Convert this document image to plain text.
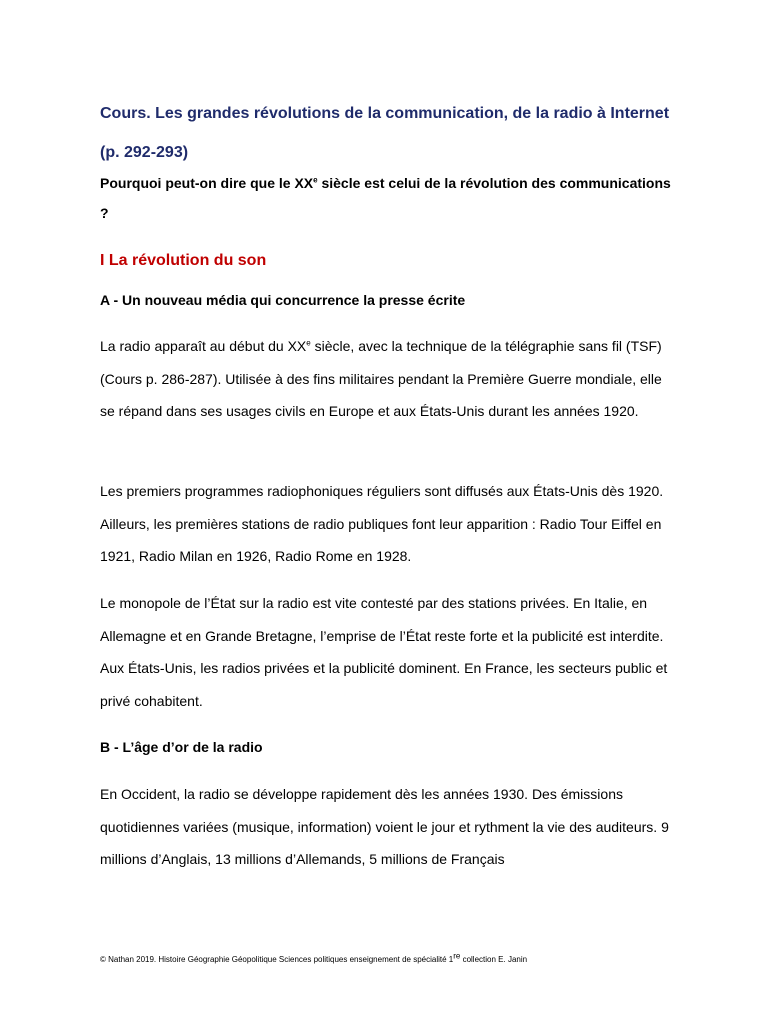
Cours. Les grandes révolutions de la communication, de la radio à Internet (p. 292-293)

Pourquoi peut-on dire que le XXe siècle est celui de la révolution des communications ?

I La révolution du son

A - Un nouveau média qui concurrence la presse écrite

La radio apparaît au début du XXe siècle, avec la technique de la télégraphie sans fil (TSF) (Cours p. 286-287). Utilisée à des fins militaires pendant la Première Guerre mondiale, elle se répand dans ses usages civils en Europe et aux États-Unis durant les années 1920.

Les premiers programmes radiophoniques réguliers sont diffusés aux États-Unis dès 1920. Ailleurs, les premières stations de radio publiques font leur apparition : Radio Tour Eiffel en 1921, Radio Milan en 1926, Radio Rome en 1928.

Le monopole de l’État sur la radio est vite contesté par des stations privées. En Italie, en Allemagne et en Grande Bretagne, l’emprise de l’État reste forte et la publicité est interdite. Aux États-Unis, les radios privées et la publicité dominent. En France, les secteurs public et privé cohabitent.

B - L’âge d’or de la radio

En Occident, la radio se développe rapidement dès les années 1930. Des émissions quotidiennes variées (musique, information) voient le jour et rythment la vie des auditeurs. 9 millions d’Anglais, 13 millions d’Allemands, 5 millions de Français

© Nathan 2019. Histoire Géographie Géopolitique Sciences politiques enseignement de spécialité 1re collection E. Janin
